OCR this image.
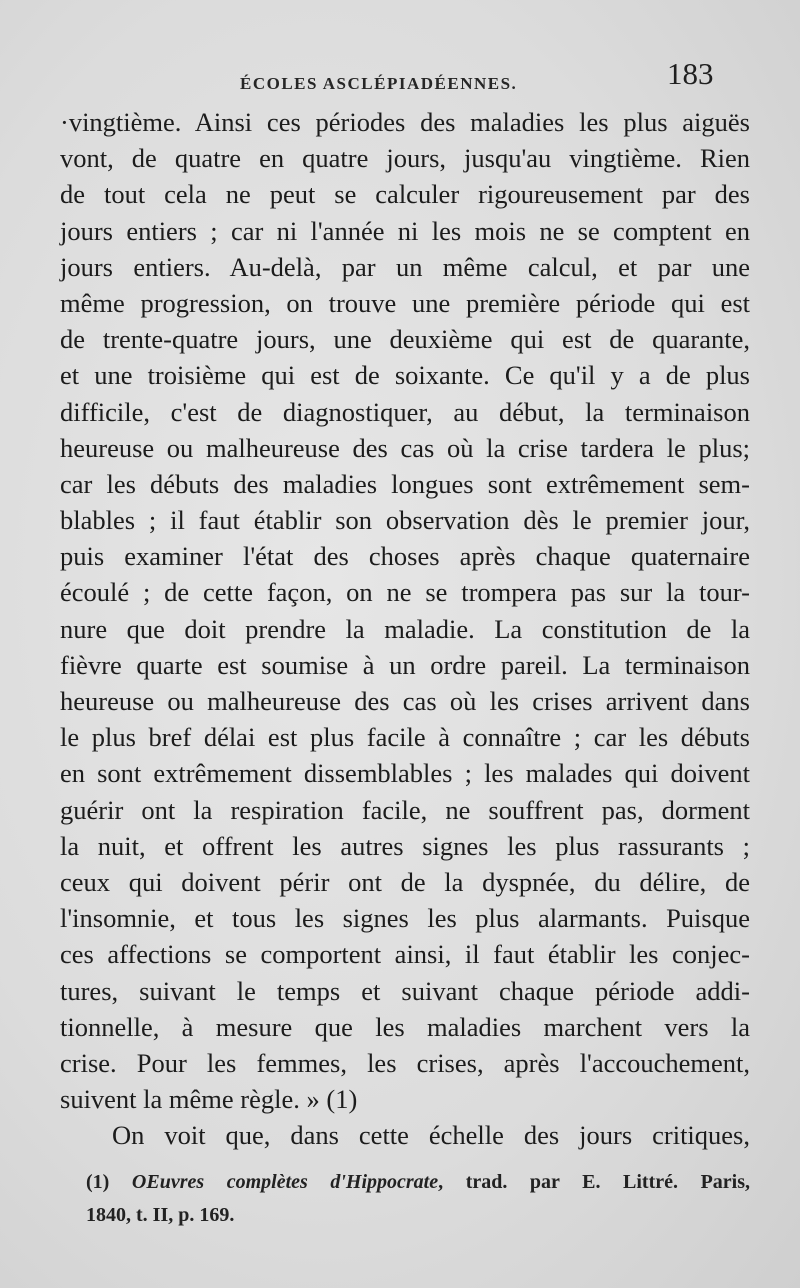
ÉCOLES ASCLÉPIADÉENNES.	183
·vingtième. Ainsi ces périodes des maladies les plus aiguës
vont, de quatre en quatre jours, jusqu'au vingtième. Rien
de tout cela ne peut se calculer rigoureusement par des
jours entiers ; car ni l'année ni les mois ne se comptent en
jours entiers. Au-delà, par un même calcul, et par une
même progression, on trouve une première période qui est
de trente-quatre jours, une deuxième qui est de quarante,
et une troisième qui est de soixante. Ce qu'il y a de plus
difficile, c'est de diagnostiquer, au début, la terminaison
heureuse ou malheureuse des cas où la crise tardera le plus;
car les débuts des maladies longues sont extrêmement sem-
blables ; il faut établir son observation dès le premier jour,
puis examiner l'état des choses après chaque quaternaire
écoulé ; de cette façon, on ne se trompera pas sur la tour-
nure que doit prendre la maladie. La constitution de la
fièvre quarte est soumise à un ordre pareil. La terminaison
heureuse ou malheureuse des cas où les crises arrivent dans
le plus bref délai est plus facile à connaître ; car les débuts
en sont extrêmement dissemblables ; les malades qui doivent
guérir ont la respiration facile, ne souffrent pas, dorment
la nuit, et offrent les autres signes les plus rassurants ;
ceux qui doivent périr ont de la dyspnée, du délire, de
l'insomnie, et tous les signes les plus alarmants. Puisque
ces affections se comportent ainsi, il faut établir les conjec-
tures, suivant le temps et suivant chaque période addi-
tionnelle, à mesure que les maladies marchent vers la
crise. Pour les femmes, les crises, après l'accouchement,
suivent la même règle. » (1)
On voit que, dans cette échelle des jours critiques,
(1) OEuvres complètes d'Hippocrate, trad. par E. Littré. Paris,
1840, t. II, p. 169.
